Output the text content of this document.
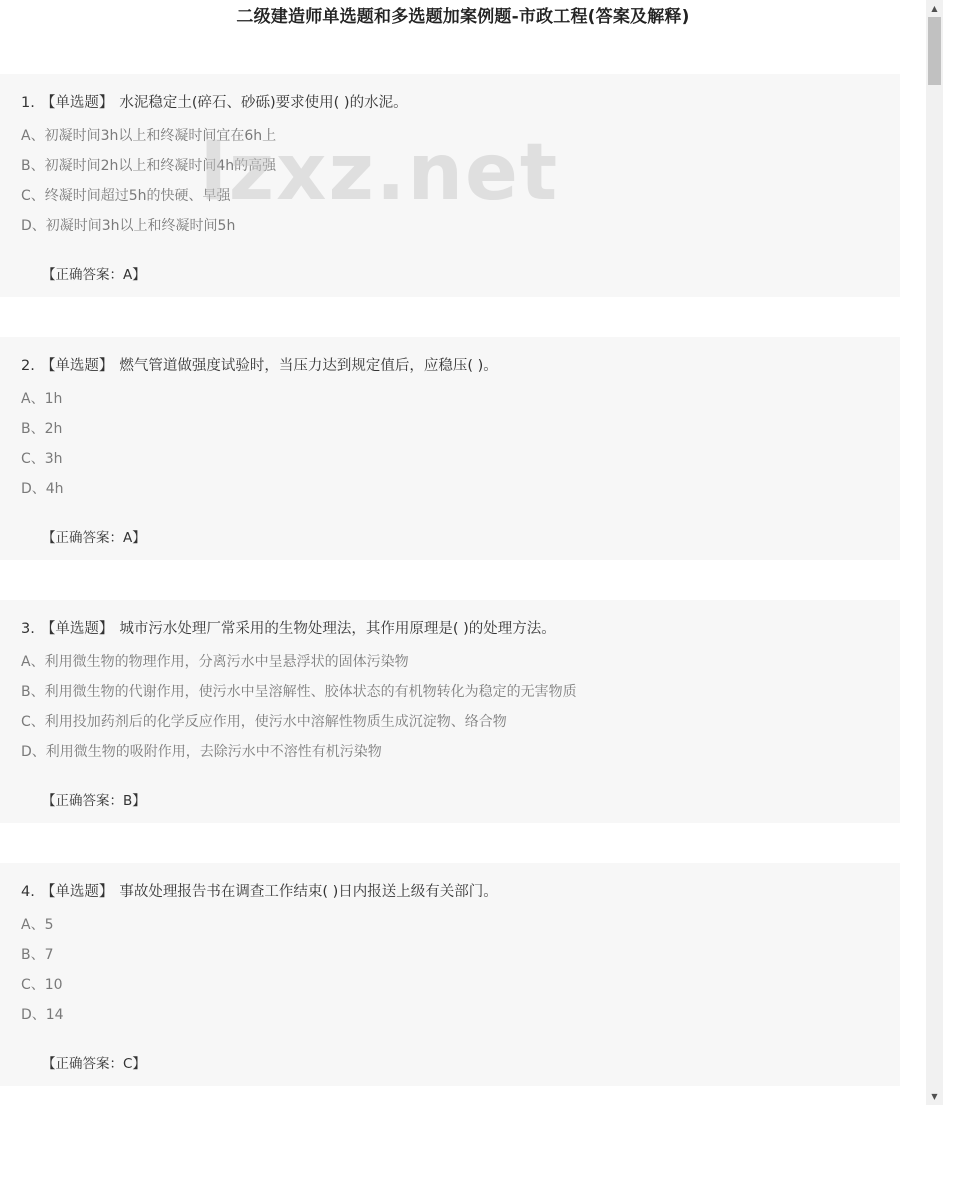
二级建造师单选题和多选题加案例题-市政工程(答案及解释)
lzxz.net
1. 【单选题】 水泥稳定土(碎石、砂砾)要求使用( )的水泥。
A、初凝时间3h以上和终凝时间宜在6h上
B、初凝时间2h以上和终凝时间4h的高强
C、终凝时间超过5h的快硬、早强
D、初凝时间3h以上和终凝时间5h
【正确答案：A】
2. 【单选题】 燃气管道做强度试验时，当压力达到规定值后，应稳压( )。
A、1h
B、2h
C、3h
D、4h
【正确答案：A】
3. 【单选题】 城市污水处理厂常采用的生物处理法，其作用原理是( )的处理方法。
A、利用微生物的物理作用，分离污水中呈悬浮状的固体污染物
B、利用微生物的代谢作用，使污水中呈溶解性、胶体状态的有机物转化为稳定的无害物质
C、利用投加药剂后的化学反应作用，使污水中溶解性物质生成沉淀物、络合物
D、利用微生物的吸附作用，去除污水中不溶性有机污染物
【正确答案：B】
4. 【单选题】 事故处理报告书在调查工作结束( )日内报送上级有关部门。
A、5
B、7
C、10
D、14
【正确答案：C】
▲
▼
